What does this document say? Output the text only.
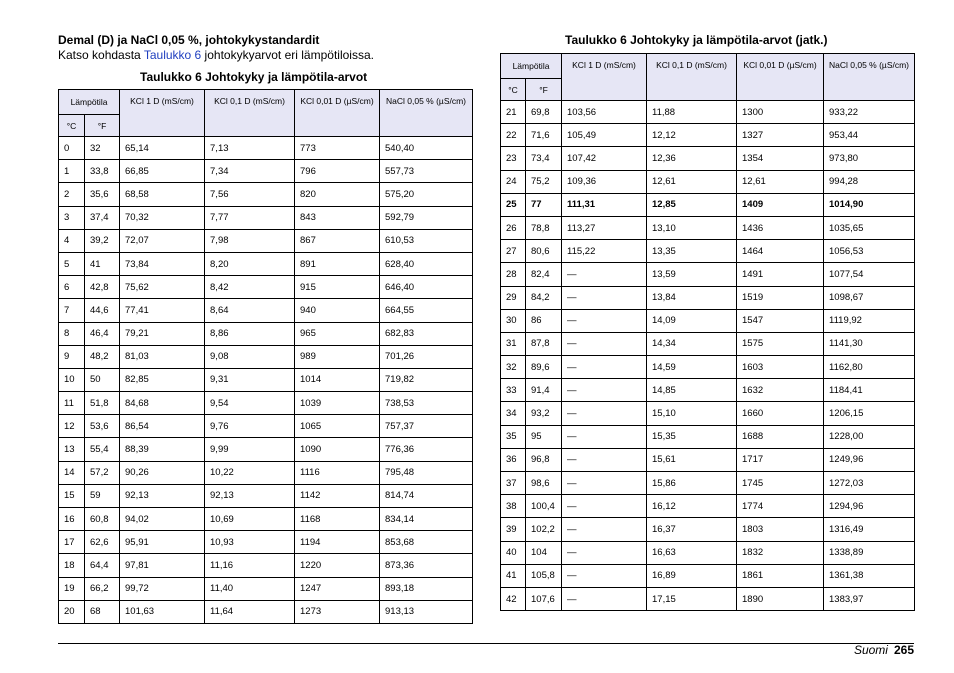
Demal (D) ja NaCl 0,05 %, johtokykystandardit
Katso kohdasta Taulukko 6 johtokykyarvot eri lämpötiloissa.
Taulukko 6 Johtokyky ja lämpötila-arvot
Lämpötila		KCl 1 D (mS/cm)	KCl 0,1 D (mS/cm)	KCl 0,01 D (µS/cm)	NaCl 0,05 % (µS/cm)
°C	°F				
0	32	65,14	7,13	773	540,40
1	33,8	66,85	7,34	796	557,73
2	35,6	68,58	7,56	820	575,20
3	37,4	70,32	7,77	843	592,79
4	39,2	72,07	7,98	867	610,53
5	41	73,84	8,20	891	628,40
6	42,8	75,62	8,42	915	646,40
7	44,6	77,41	8,64	940	664,55
8	46,4	79,21	8,86	965	682,83
9	48,2	81,03	9,08	989	701,26
10	50	82,85	9,31	1014	719,82
11	51,8	84,68	9,54	1039	738,53
12	53,6	86,54	9,76	1065	757,37
13	55,4	88,39	9,99	1090	776,36
14	57,2	90,26	10,22	1116	795,48
15	59	92,13	92,13	1142	814,74
16	60,8	94,02	10,69	1168	834,14
17	62,6	95,91	10,93	1194	853,68
18	64,4	97,81	11,16	1220	873,36
19	66,2	99,72	11,40	1247	893,18
20	68	101,63	11,64	1273	913,13
Taulukko 6 Johtokyky ja lämpötila-arvot (jatk.)
Lämpötila		KCl 1 D (mS/cm)	KCl 0,1 D (mS/cm)	KCl 0,01 D (µS/cm)	NaCl 0,05 % (µS/cm)
°C	°F				
21	69,8	103,56	11,88	1300	933,22
22	71,6	105,49	12,12	1327	953,44
23	73,4	107,42	12,36	1354	973,80
24	75,2	109,36	12,61	12,61	994,28
25	77	111,31	12,85	1409	1014,90
26	78,8	113,27	13,10	1436	1035,65
27	80,6	115,22	13,35	1464	1056,53
28	82,4	—	13,59	1491	1077,54
29	84,2	—	13,84	1519	1098,67
30	86	—	14,09	1547	1119,92
31	87,8	—	14,34	1575	1141,30
32	89,6	—	14,59	1603	1162,80
33	91,4	—	14,85	1632	1184,41
34	93,2	—	15,10	1660	1206,15
35	95	—	15,35	1688	1228,00
36	96,8	—	15,61	1717	1249,96
37	98,6	—	15,86	1745	1272,03
38	100,4	—	16,12	1774	1294,96
39	102,2	—	16,37	1803	1316,49
40	104	—	16,63	1832	1338,89
41	105,8	—	16,89	1861	1361,38
42	107,6	—	17,15	1890	1383,97
Suomi 265
